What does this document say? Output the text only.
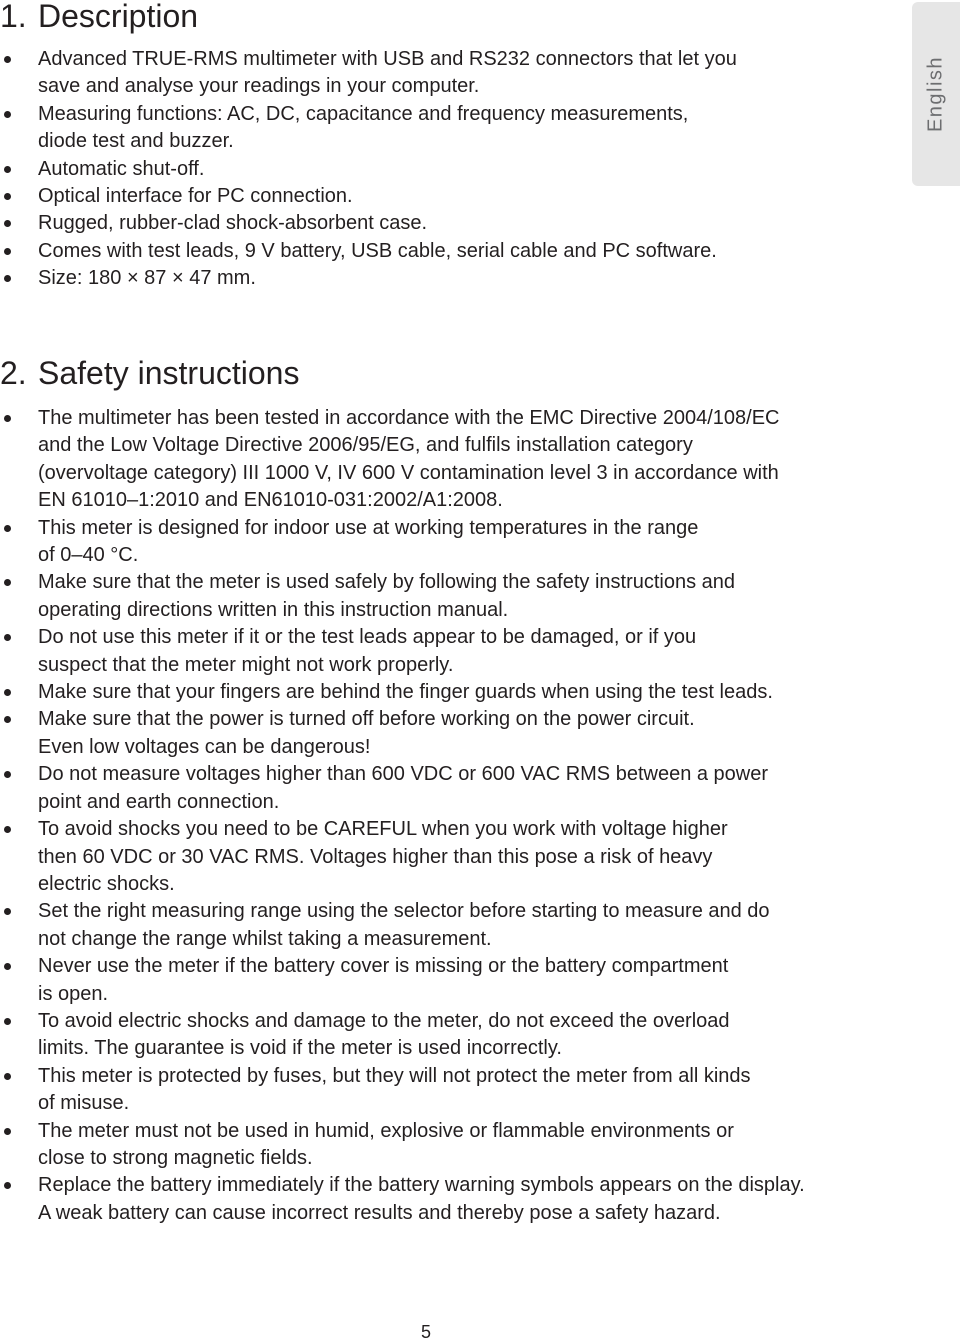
1. Description
Advanced TRUE-RMS multimeter with USB and RS232 connectors that let you
save and analyse your readings in your computer.
Measuring functions: AC, DC, capacitance and frequency measurements,
diode test and buzzer.
Automatic shut-off.
Optical interface for PC connection.
Rugged, rubber-clad shock-absorbent case.
Comes with test leads, 9 V battery, USB cable, serial cable and PC software.
Size: 180 × 87 × 47 mm.
2. Safety instructions
The multimeter has been tested in accordance with the EMC Directive 2004/108/EC
and the Low Voltage Directive 2006/95/EG, and fulfils installation category
(overvoltage category) III 1000 V, IV 600 V contamination level 3 in accordance with
EN 61010–1:2010 and EN61010-031:2002/A1:2008.
This meter is designed for indoor use at working temperatures in the range
of 0–40 °C.
Make sure that the meter is used safely by following the safety instructions and
operating directions written in this instruction manual.
Do not use this meter if it or the test leads appear to be damaged, or if you
suspect that the meter might not work properly.
Make sure that your fingers are behind the finger guards when using the test leads.
Make sure that the power is turned off before working on the power circuit.
Even low voltages can be dangerous!
Do not measure voltages higher than 600 VDC or 600 VAC RMS between a power
point and earth connection.
To avoid shocks you need to be CAREFUL when you work with voltage higher
then 60 VDC or 30 VAC RMS. Voltages higher than this pose a risk of heavy
electric shocks.
Set the right measuring range using the selector before starting to measure and do
not change the range whilst taking a measurement.
Never use the meter if the battery cover is missing or the battery compartment
is open.
To avoid electric shocks and damage to the meter, do not exceed the overload
limits. The guarantee is void if the meter is used incorrectly.
This meter is protected by fuses, but they will not protect the meter from all kinds
of misuse.
The meter must not be used in humid, explosive or flammable environments or
close to strong magnetic fields.
Replace the battery immediately if the battery warning symbols appears on the display.
A weak battery can cause incorrect results and thereby pose a safety hazard.
English
5
